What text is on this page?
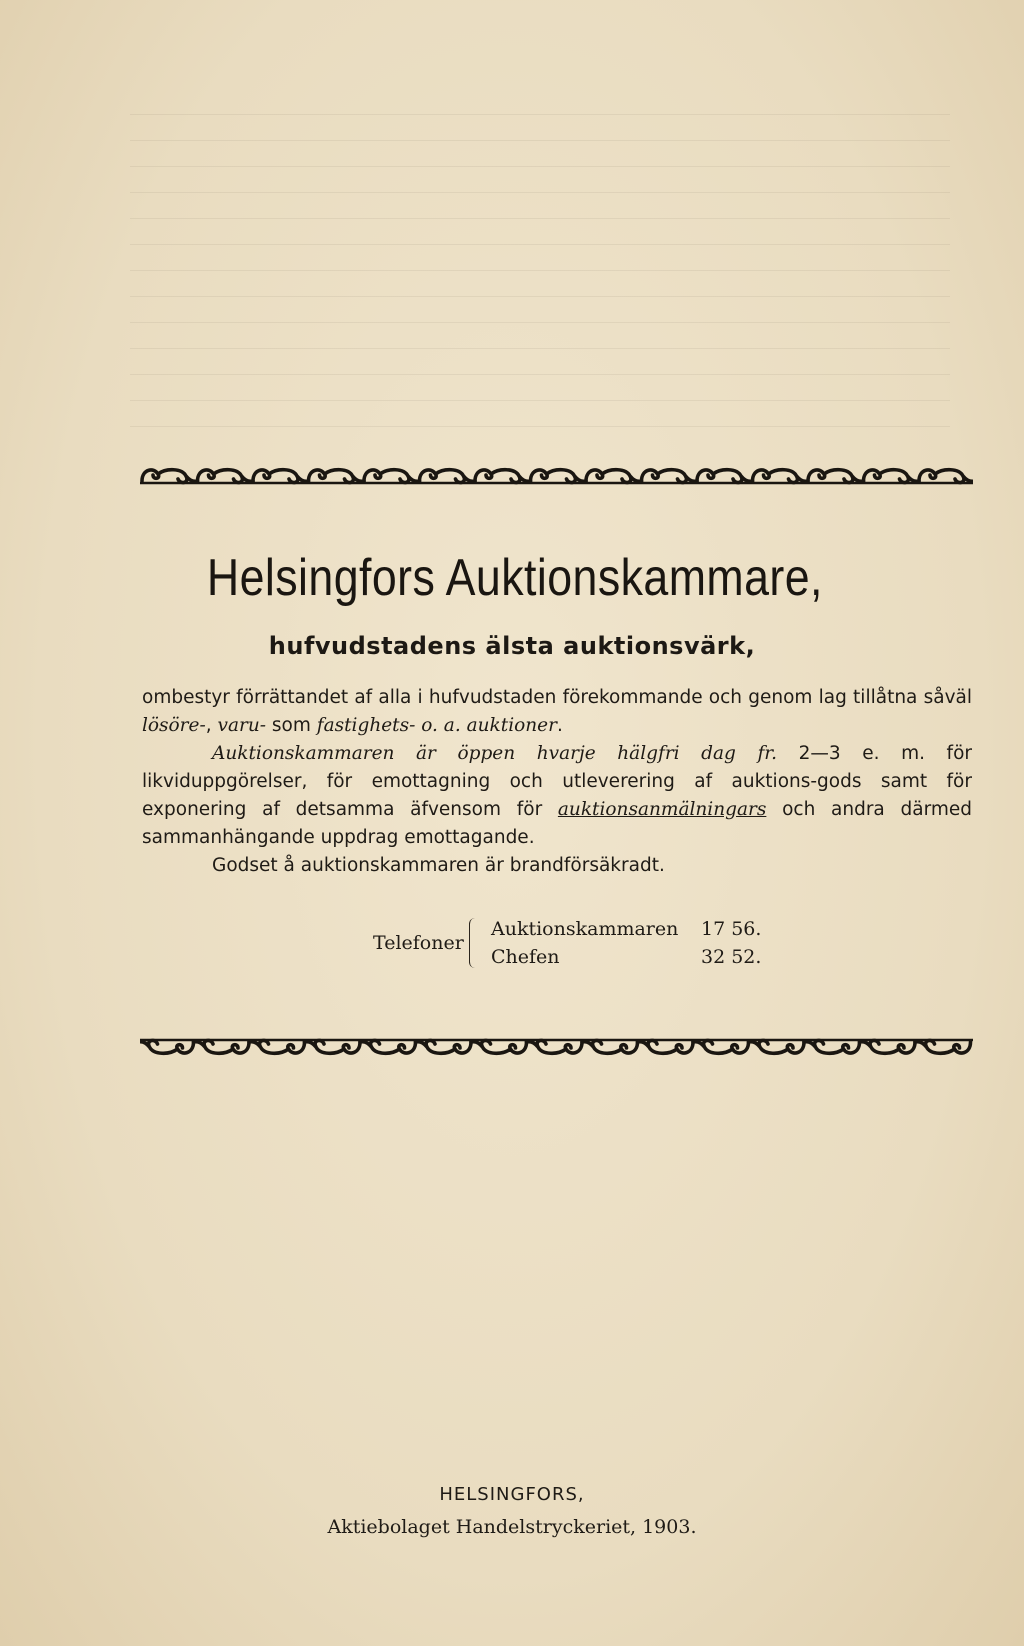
Helsingfors Auktionskammare,
hufvudstadens älsta auktionsvärk,

ombestyr förrättandet af alla i hufvudstaden förekommande och genom lag tillåtna såväl lösöre-, varu- som fastighets- o. a. auktioner.

Auktionskammaren är öppen hvarje hälgfri dag fr. 2—3 e. m. för likviduppgörelser, för emottagning och utleverering af auktions-gods samt för exponering af detsamma äfvensom för auktionsanmälningars och andra därmed sammanhängande uppdrag emottagande.

Godset å auktionskammaren är brandförsäkradt.

Telefoner
Auktionskammaren 17 56.
Chefen	32 52.
HELSINGFORS,
Aktiebolaget Handelstryckeriet, 1903.
